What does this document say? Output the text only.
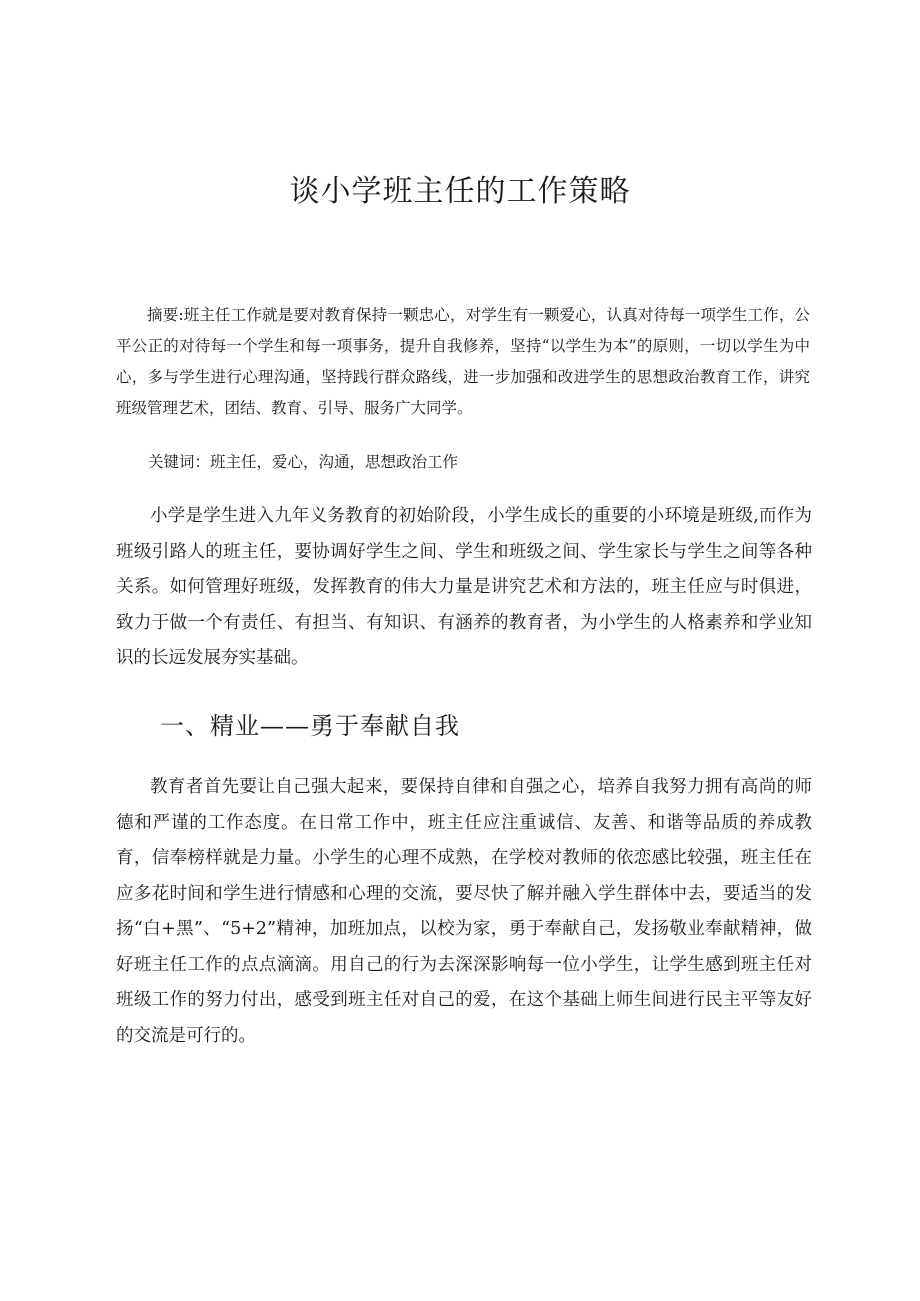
谈小学班主任的工作策略

摘要:班主任工作就是要对教育保持一颗忠心，对学生有一颗爱心，认真对待每一项学生工作，公平公正的对待每一个学生和每一项事务，提升自我修养，坚持“以学生为本”的原则，一切以学生为中心，多与学生进行心理沟通，坚持践行群众路线，进一步加强和改进学生的思想政治教育工作，讲究班级管理艺术，团结、教育、引导、服务广大同学。

关键词：班主任，爱心，沟通，思想政治工作

小学是学生进入九年义务教育的初始阶段，小学生成长的重要的小环境是班级,而作为班级引路人的班主任，要协调好学生之间、学生和班级之间、学生家长与学生之间等各种关系。如何管理好班级，发挥教育的伟大力量是讲究艺术和方法的，班主任应与时俱进，致力于做一个有责任、有担当、有知识、有涵养的教育者，为小学生的人格素养和学业知识的长远发展夯实基础。

一、精业——勇于奉献自我

教育者首先要让自己强大起来，要保持自律和自强之心，培养自我努力拥有高尚的师德和严谨的工作态度。在日常工作中，班主任应注重诚信、友善、和谐等品质的养成教育，信奉榜样就是力量。小学生的心理不成熟，在学校对教师的依恋感比较强，班主任在应多花时间和学生进行情感和心理的交流，要尽快了解并融入学生群体中去，要适当的发扬“白+黑”、“5+2”精神，加班加点，以校为家，勇于奉献自己，发扬敬业奉献精神，做好班主任工作的点点滴滴。用自己的行为去深深影响每一位小学生，让学生感到班主任对班级工作的努力付出，感受到班主任对自己的爱，在这个基础上师生间进行民主平等友好的交流是可行的。
